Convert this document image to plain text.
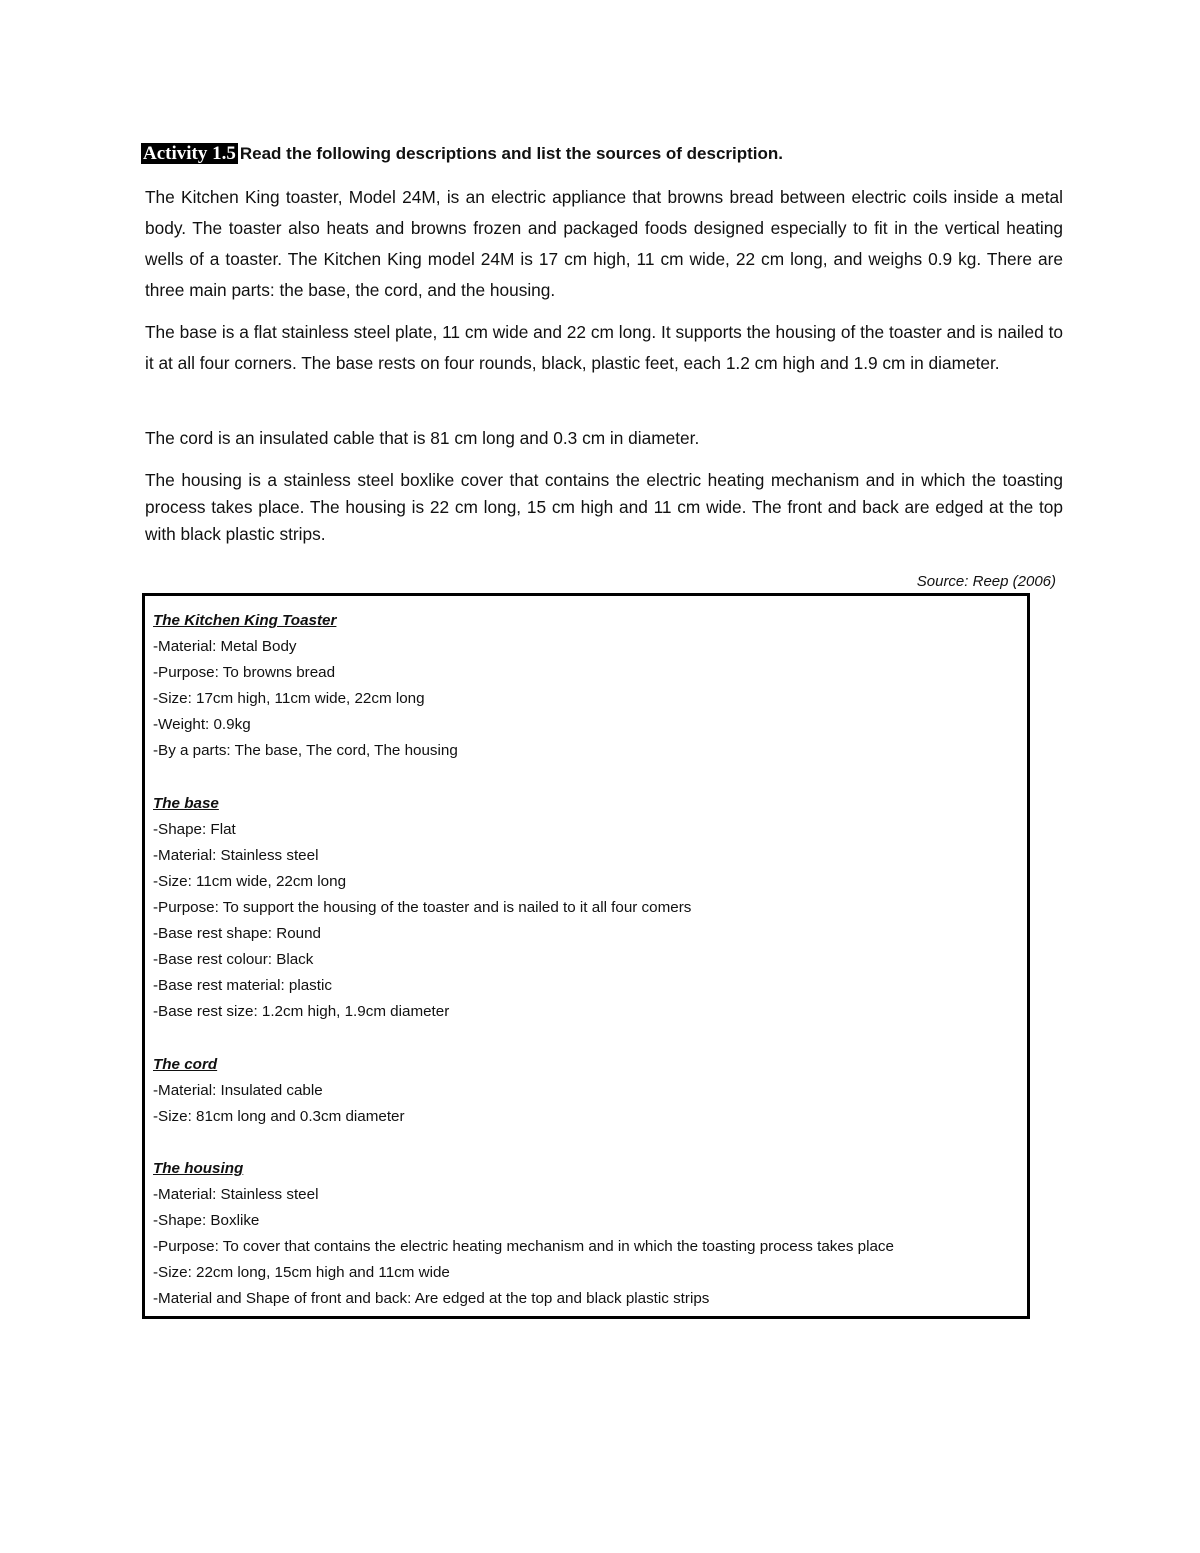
Activity 1.5 Read the following descriptions and list the sources of description.

The Kitchen King toaster, Model 24M, is an electric appliance that browns bread between electric coils inside a metal body. The toaster also heats and browns frozen and packaged foods designed especially to fit in the vertical heating wells of a toaster. The Kitchen King model 24M is 17 cm high, 11 cm wide, 22 cm long, and weighs 0.9 kg. There are three main parts: the base, the cord, and the housing.

The base is a flat stainless steel plate, 11 cm wide and 22 cm long. It supports the housing of the toaster and is nailed to it at all four corners. The base rests on four rounds, black, plastic feet, each 1.2 cm high and 1.9 cm in diameter.

The cord is an insulated cable that is 81 cm long and 0.3 cm in diameter.

The housing is a stainless steel boxlike cover that contains the electric heating mechanism and in which the toasting process takes place. The housing is 22 cm long, 15 cm high and 11 cm wide. The front and back are edged at the top with black plastic strips.

Source: Reep (2006)
The Kitchen King Toaster
-Material: Metal Body
-Purpose: To browns bread
-Size: 17cm high, 11cm wide, 22cm long
-Weight: 0.9kg
-By a parts: The base, The cord, The housing
The base
-Shape: Flat
-Material: Stainless steel
-Size: 11cm wide, 22cm long
-Purpose: To support the housing of the toaster and is nailed to it all four comers
-Base rest shape: Round
-Base rest colour: Black
-Base rest material: plastic
-Base rest size: 1.2cm high, 1.9cm diameter
The cord
-Material: Insulated cable
-Size: 81cm long and 0.3cm diameter
The housing
-Material: Stainless steel
-Shape: Boxlike
-Purpose: To cover that contains the electric heating mechanism and in which the toasting process takes place
-Size: 22cm long, 15cm high and 11cm wide
-Material and Shape of front and back: Are edged at the top and black plastic strips
